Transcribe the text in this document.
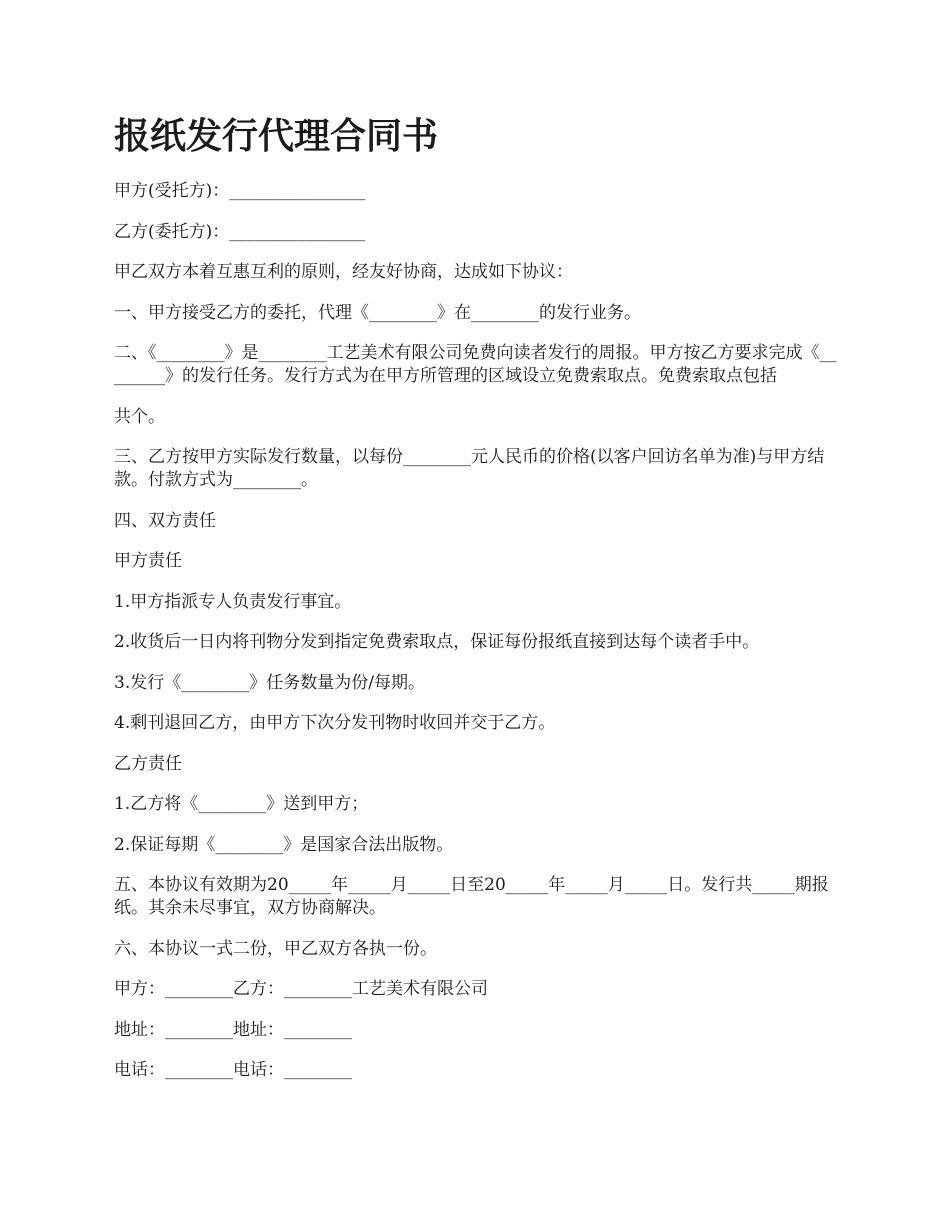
报纸发行代理合同书

甲方(受托方)：________________

乙方(委托方)：________________

甲乙双方本着互惠互利的原则，经友好协商，达成如下协议：

一、甲方接受乙方的委托，代理《________》在________的发行业务。

二、《________》是________工艺美术有限公司免费向读者发行的周报。甲方按乙方要求完成《________》的发行任务。发行方式为在甲方所管理的区域设立免费索取点。免费索取点包括

共个。

三、乙方按甲方实际发行数量，以每份________元人民币的价格(以客户回访名单为准)与甲方结款。付款方式为________。

四、双方责任

甲方责任

1.甲方指派专人负责发行事宜。

2.收货后一日内将刊物分发到指定免费索取点，保证每份报纸直接到达每个读者手中。

3.发行《________》任务数量为份/每期。

4.剩刊退回乙方，由甲方下次分发刊物时收回并交于乙方。

乙方责任

1.乙方将《________》送到甲方；

2.保证每期《________》是国家合法出版物。

五、本协议有效期为20_____年_____月_____日至20_____年_____月_____日。发行共_____期报纸。其余未尽事宜，双方协商解决。

六、本协议一式二份，甲乙双方各执一份。

甲方：________乙方：________工艺美术有限公司

地址：________地址：________

电话：________电话：________
